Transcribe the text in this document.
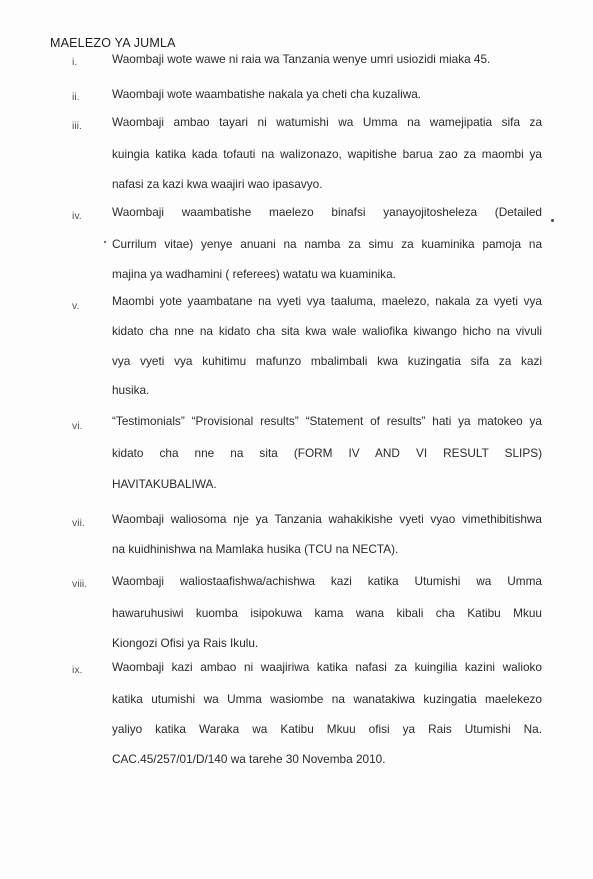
MAELEZO YA JUMLA
i.	Waombaji wote wawe ni raia wa Tanzania wenye umri usiozidi miaka 45.
ii.	Waombaji wote waambatishe nakala ya cheti cha kuzaliwa.
iii.	Waombaji ambao tayari ni watumishi wa Umma na wamejipatia sifa za
kuingia katika kada tofauti na walizonazo, wapitishe barua zao za maombi ya
nafasi za kazi kwa waajiri wao ipasavyo.
iv.	Waombaji waambatishe maelezo binafsi yanayojitosheleza (Detailed
Currilum vitae) yenye anuani na namba za simu za kuaminika pamoja na
majina ya wadhamini ( referees) watatu wa kuaminika.
v.	Maombi yote yaambatane na vyeti vya taaluma, maelezo, nakala za vyeti vya
kidato cha nne na kidato cha sita kwa wale waliofika kiwango hicho na vivuli
vya vyeti vya kuhitimu mafunzo mbalimbali kwa kuzingatia sifa za kazi
husika.
vi.	“Testimonials” “Provisional results” “Statement of results” hati ya matokeo ya
kidato cha nne na sita (FORM IV AND VI RESULT SLIPS)
HAVITAKUBALIWA.
vii.	Waombaji waliosoma nje ya Tanzania wahakikishe vyeti vyao vimethibitishwa
na kuidhinishwa na Mamlaka husika (TCU na NECTA).
viii.	Waombaji waliostaafishwa/achishwa kazi katika Utumishi wa Umma
hawaruhusiwi kuomba isipokuwa kama wana kibali cha Katibu Mkuu
Kiongozi Ofisi ya Rais Ikulu.
ix.	Waombaji kazi ambao ni waajiriwa katika nafasi za kuingilia kazini walioko
katika utumishi wa Umma wasiombe na wanatakiwa kuzingatia maelekezo
yaliyo katika Waraka wa Katibu Mkuu ofisi ya Rais Utumishi Na.
CAC.45/257/01/D/140 wa tarehe 30 Novemba 2010.
